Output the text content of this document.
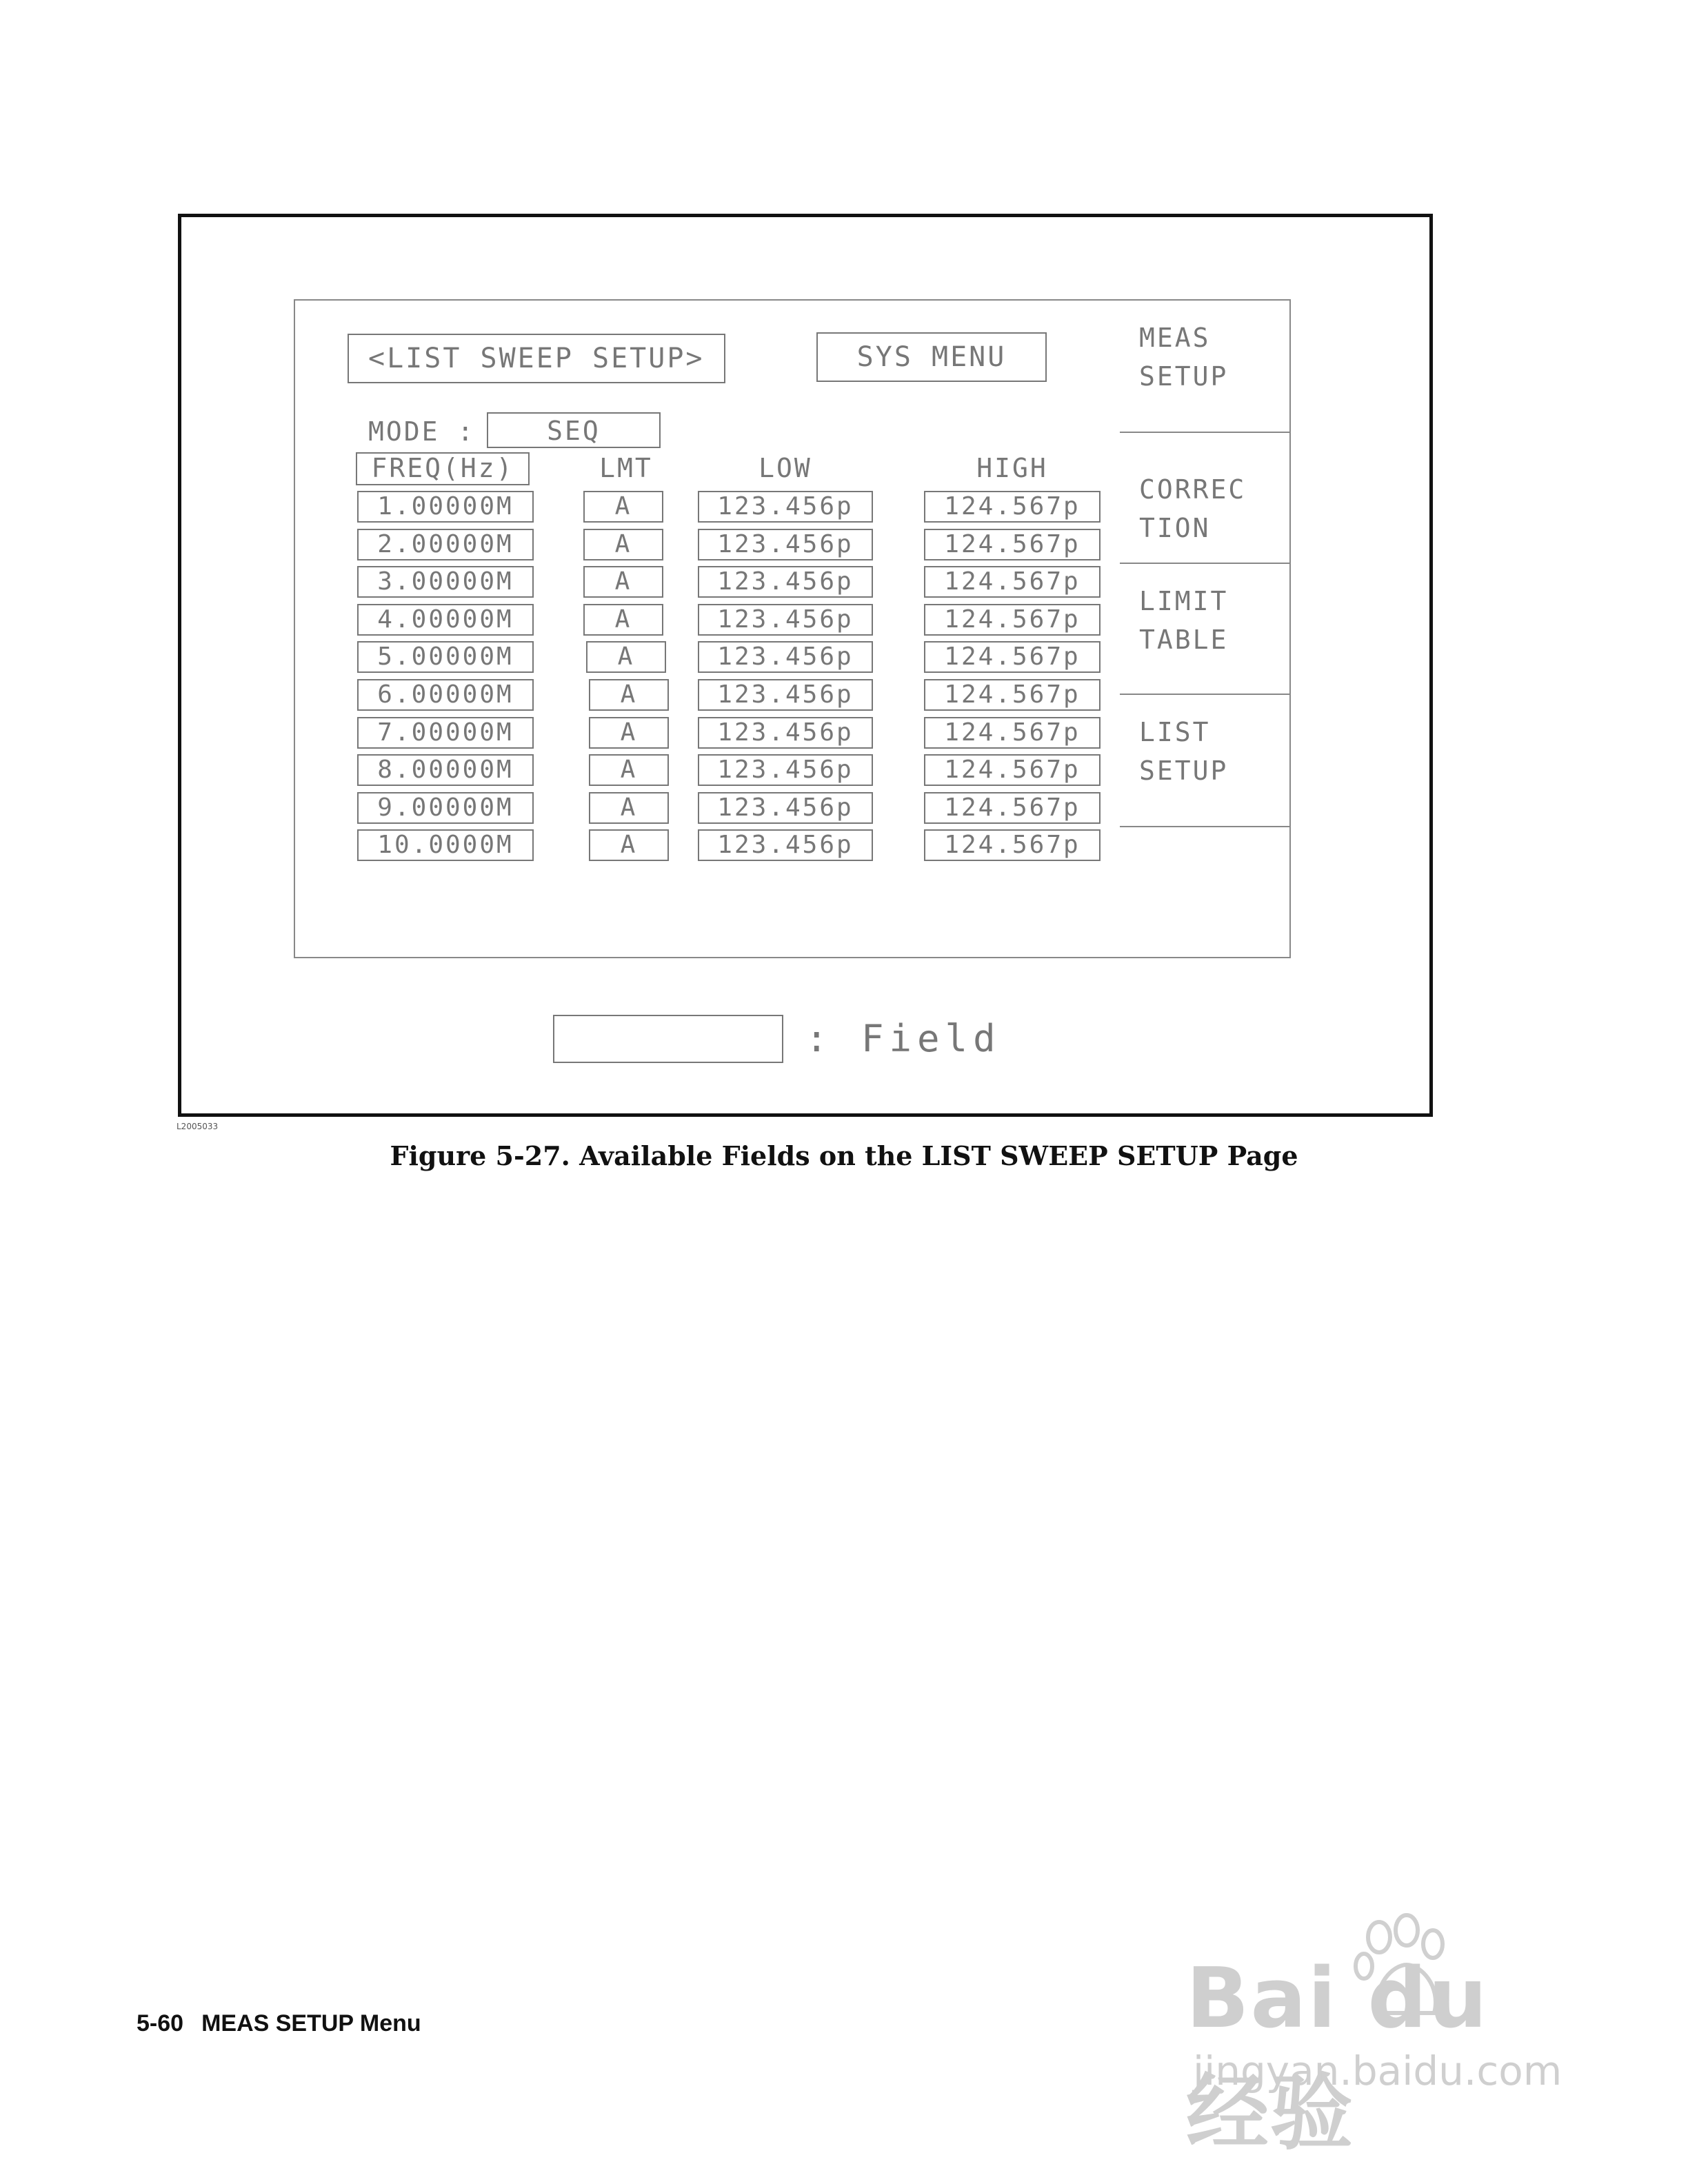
<LIST SWEEP SETUP>	SYS MENU
MODE :	SEQ
FREQ(Hz)	LMT	LOW	HIGH
1.00000M	A	123.456p	124.567p
2.00000M	A	123.456p	124.567p
3.00000M	A	123.456p	124.567p
4.00000M	A	123.456p	124.567p
5.00000M	A	123.456p	124.567p
6.00000M	A	123.456p	124.567p
7.00000M	A	123.456p	124.567p
8.00000M	A	123.456p	124.567p
9.00000M	A	123.456p	124.567p
10.0000M	A	123.456p	124.567p
MEAS
SETUP
CORREC
TION
LIMIT
TABLE
LIST
SETUP
: Field
L2005033
Figure 5-27. Available Fields on the LIST SWEEP SETUP Page
5-60 MEAS SETUP Menu	Bai du 经验
jingyan.baidu.com
